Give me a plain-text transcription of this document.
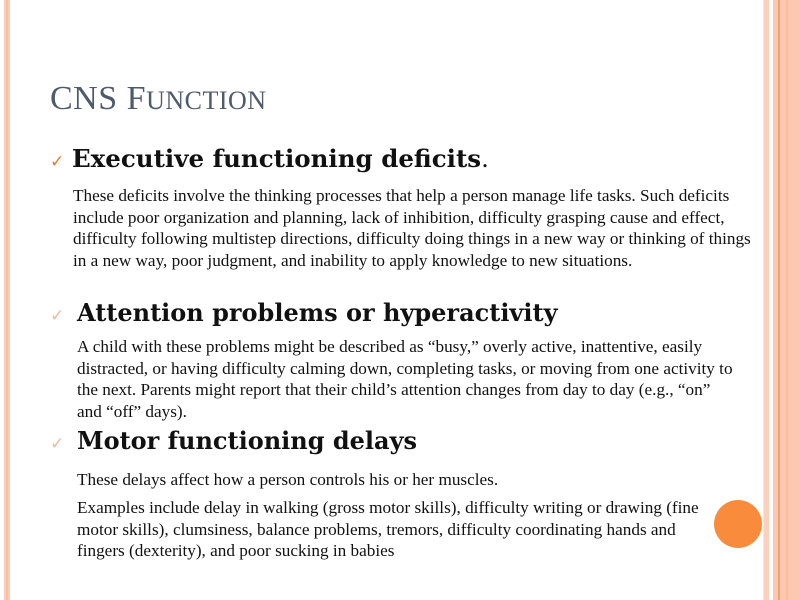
CNS FUNCTION
✓ Executive functioning deficits.
These deficits involve the thinking processes that help a person manage life tasks. Such deficits include poor organization and planning, lack of inhibition, difficulty grasping cause and effect, difficulty following multistep directions, difficulty doing things in a new way or thinking of things in a new way, poor judgment, and inability to apply knowledge to new situations.
✓ Attention problems or hyperactivity
A child with these problems might be described as “busy,” overly active, inattentive, easily distracted, or having difficulty calming down, completing tasks, or moving from one activity to the next. Parents might report that their child’s attention changes from day to day (e.g., “on” and “off” days).
✓ Motor functioning delays
These delays affect how a person controls his or her muscles.
Examples include delay in walking (gross motor skills), difficulty writing or drawing (fine motor skills), clumsiness, balance problems, tremors, difficulty coordinating hands and fingers (dexterity), and poor sucking in babies
